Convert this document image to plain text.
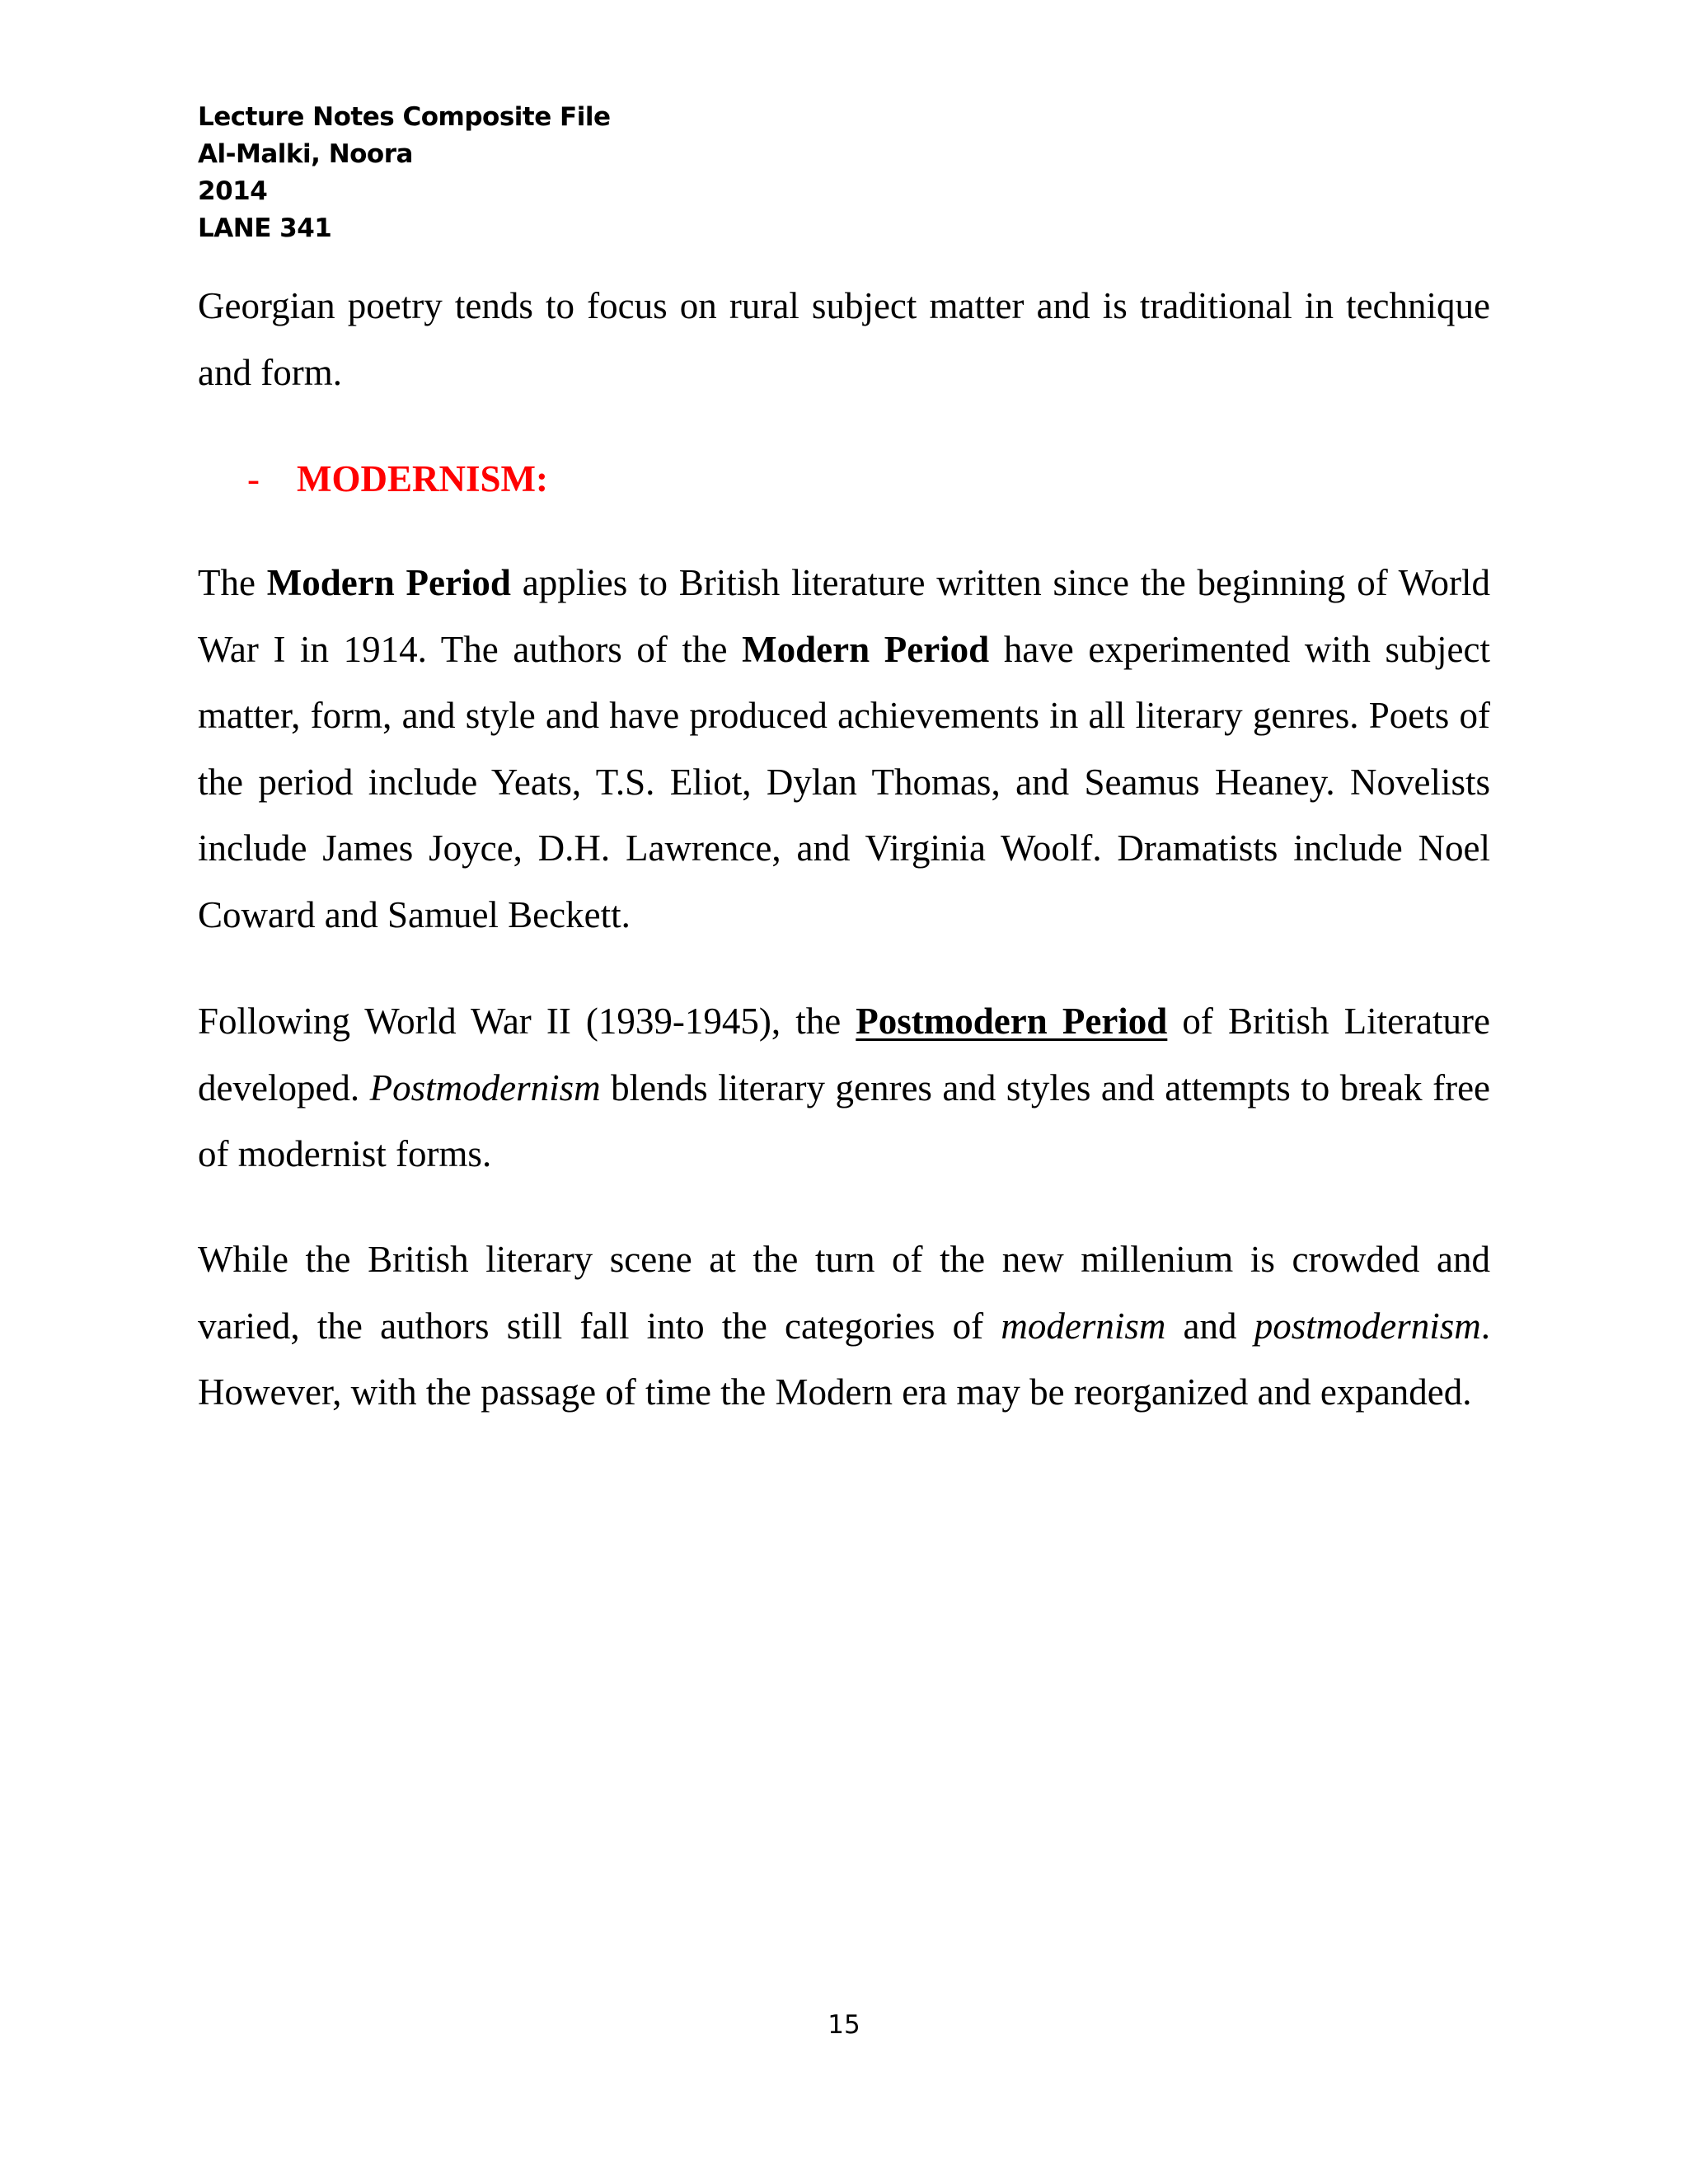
Lecture Notes Composite File
Al-Malki, Noora
2014
LANE 341
Georgian poetry tends to focus on rural subject matter and is traditional in technique and form.
- MODERNISM:
The Modern Period applies to British literature written since the beginning of World War I in 1914. The authors of the Modern Period have experimented with subject matter, form, and style and have produced achievements in all literary genres. Poets of the period include Yeats, T.S. Eliot, Dylan Thomas, and Seamus Heaney. Novelists include James Joyce, D.H. Lawrence, and Virginia Woolf. Dramatists include Noel Coward and Samuel Beckett.
Following World War II (1939-1945), the Postmodern Period of British Literature developed. Postmodernism blends literary genres and styles and attempts to break free of modernist forms.
While the British literary scene at the turn of the new millenium is crowded and varied, the authors still fall into the categories of modernism and postmodernism. However, with the passage of time the Modern era may be reorganized and expanded.
15
